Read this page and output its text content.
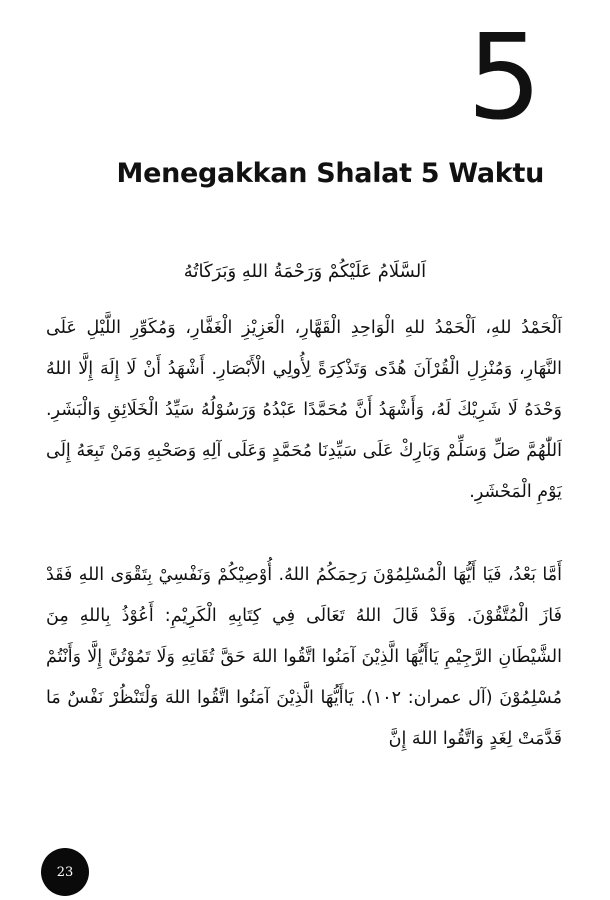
5
Menegakkan Shalat 5 Waktu
اَلسَّلَامُ عَلَيْكُمْ وَرَحْمَةُ اللهِ وَبَرَكَاتُهُ
اَلْحَمْدُ للهِ، اَلْحَمْدُ للهِ الْوَاحِدِ الْقَهَّارِ، الْعَزِيْزِ الْغَفَّارِ، وَمُكَوِّرِ اللَّيْلِ عَلَى النَّهَارِ، وَمُنْزِلِ الْقُرْآنَ هُدًى وَتَذْكِرَةً لِأُولِي الْأَبْصَارِ. أَشْهَدُ أَنْ لَا إِلَهَ إِلَّا اللهُ وَحْدَهُ لَا شَرِيْكَ لَهُ، وَأَشْهَدُ أَنَّ مُحَمَّدًا عَبْدُهُ وَرَسُوْلُهُ سَيِّدُ الْخَلَائِقِ وَالْبَشَرِ. اَللّٰهُمَّ صَلِّ وَسَلِّمْ وَبَارِكْ عَلَى سَيِّدِنَا مُحَمَّدٍ وَعَلَى آلِهِ وَصَحْبِهِ وَمَنْ تَبِعَهُ إِلَى يَوْمِ الْمَحْشَرِ.
أَمَّا بَعْدُ، فَيَا أَيُّهَا الْمُسْلِمُوْنَ رَحِمَكُمُ اللهُ. أُوْصِيْكُمْ وَنَفْسِيْ بِتَقْوَى اللهِ فَقَدْ فَازَ الْمُتَّقُوْنَ. وَقَدْ قَالَ اللهُ تَعَالَى فِي كِتَابِهِ الْكَرِيْمِ: أَعُوْذُ بِاللهِ مِنَ الشَّيْطَانِ الرَّجِيْمِ يَاأَيُّهَا الَّذِيْنَ آمَنُوا اتَّقُوا اللهَ حَقَّ تُقَاتِهِ وَلَا تَمُوْتُنَّ إِلَّا وَأَنْتُمْ مُسْلِمُوْنَ (آل عمران: ١٠٢). يَاأَيُّهَا الَّذِيْنَ آمَنُوا اتَّقُوا اللهَ وَلْتَنْظُرْ نَفْسٌ مَا قَدَّمَتْ لِغَدٍ وَاتَّقُوا اللهَ إِنَّ
23
